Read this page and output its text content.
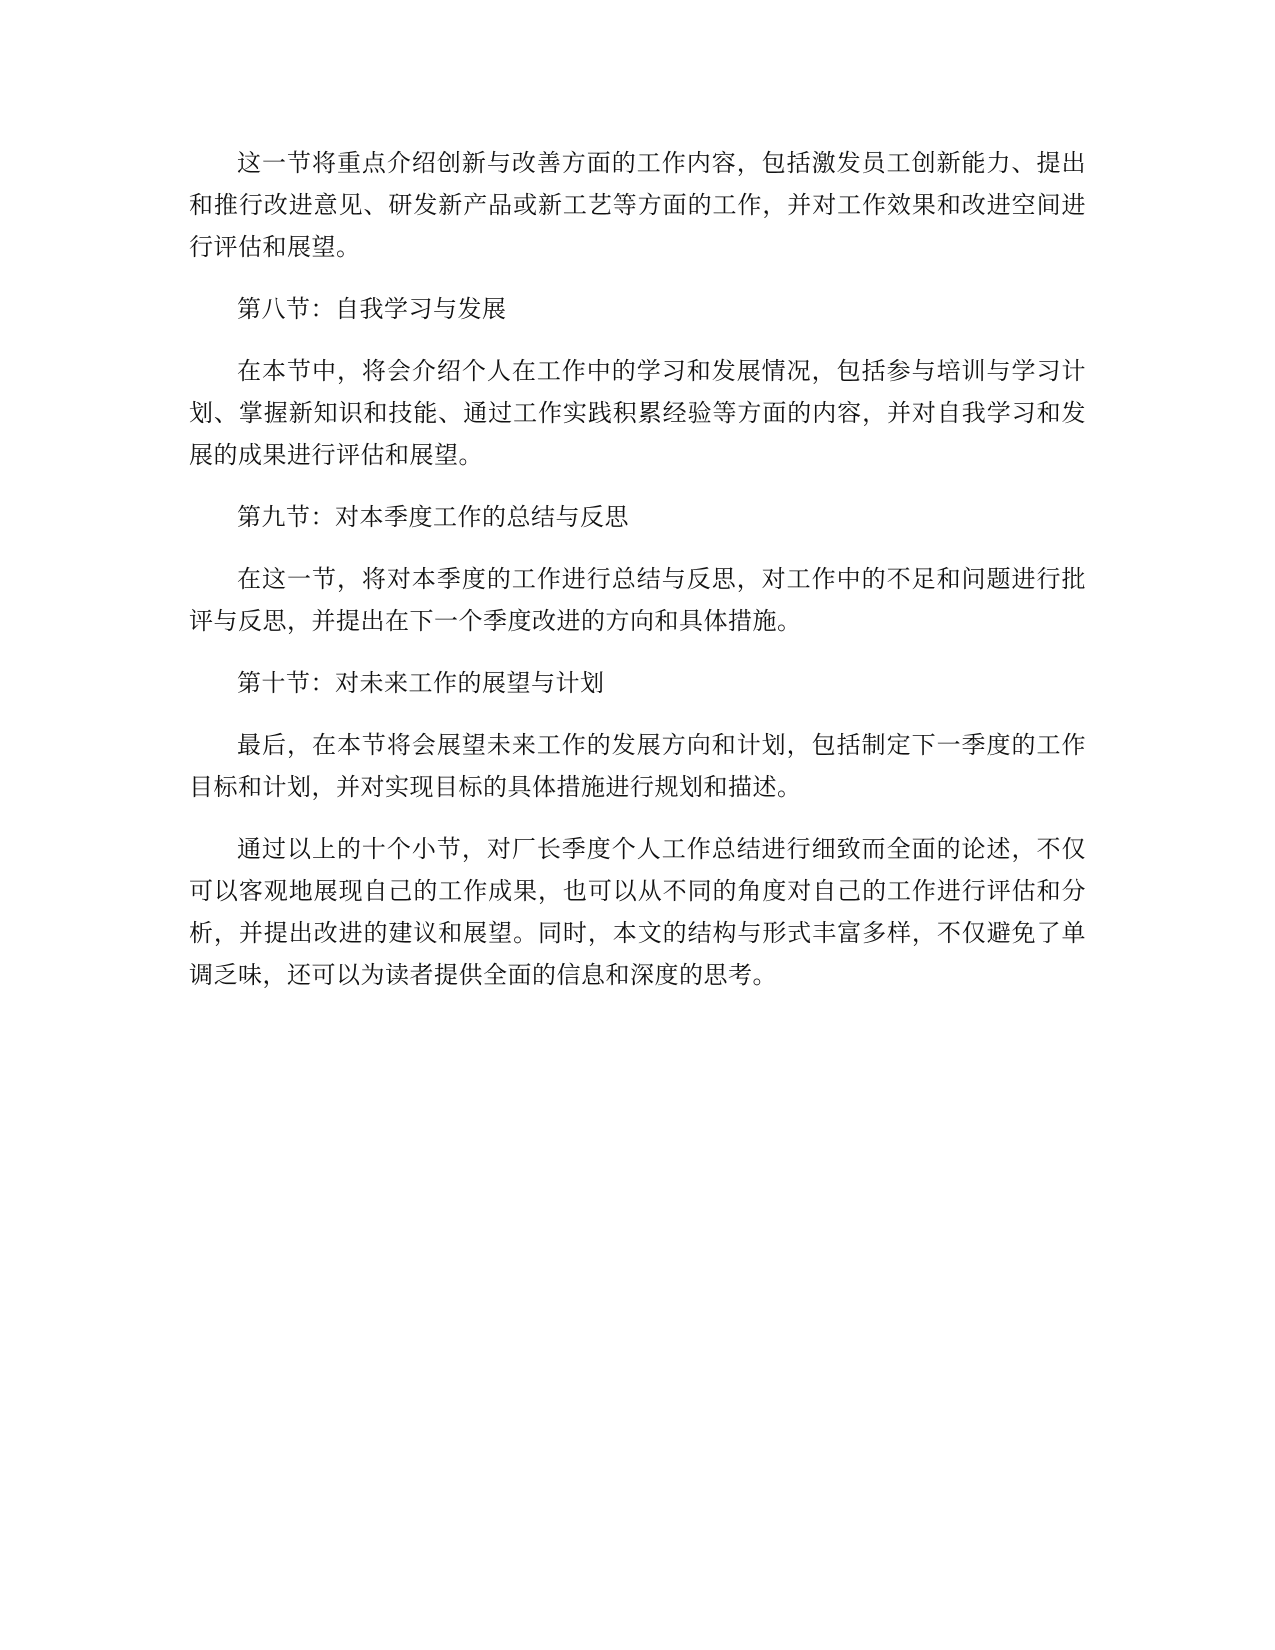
这一节将重点介绍创新与改善方面的工作内容，包括激发员工创新能力、提出和推行改进意见、研发新产品或新工艺等方面的工作，并对工作效果和改进空间进行评估和展望。

第八节：自我学习与发展

在本节中，将会介绍个人在工作中的学习和发展情况，包括参与培训与学习计划、掌握新知识和技能、通过工作实践积累经验等方面的内容，并对自我学习和发展的成果进行评估和展望。

第九节：对本季度工作的总结与反思

在这一节，将对本季度的工作进行总结与反思，对工作中的不足和问题进行批评与反思，并提出在下一个季度改进的方向和具体措施。

第十节：对未来工作的展望与计划

最后，在本节将会展望未来工作的发展方向和计划，包括制定下一季度的工作目标和计划，并对实现目标的具体措施进行规划和描述。

通过以上的十个小节，对厂长季度个人工作总结进行细致而全面的论述，不仅可以客观地展现自己的工作成果，也可以从不同的角度对自己的工作进行评估和分析，并提出改进的建议和展望。同时，本文的结构与形式丰富多样，不仅避免了单调乏味，还可以为读者提供全面的信息和深度的思考。
